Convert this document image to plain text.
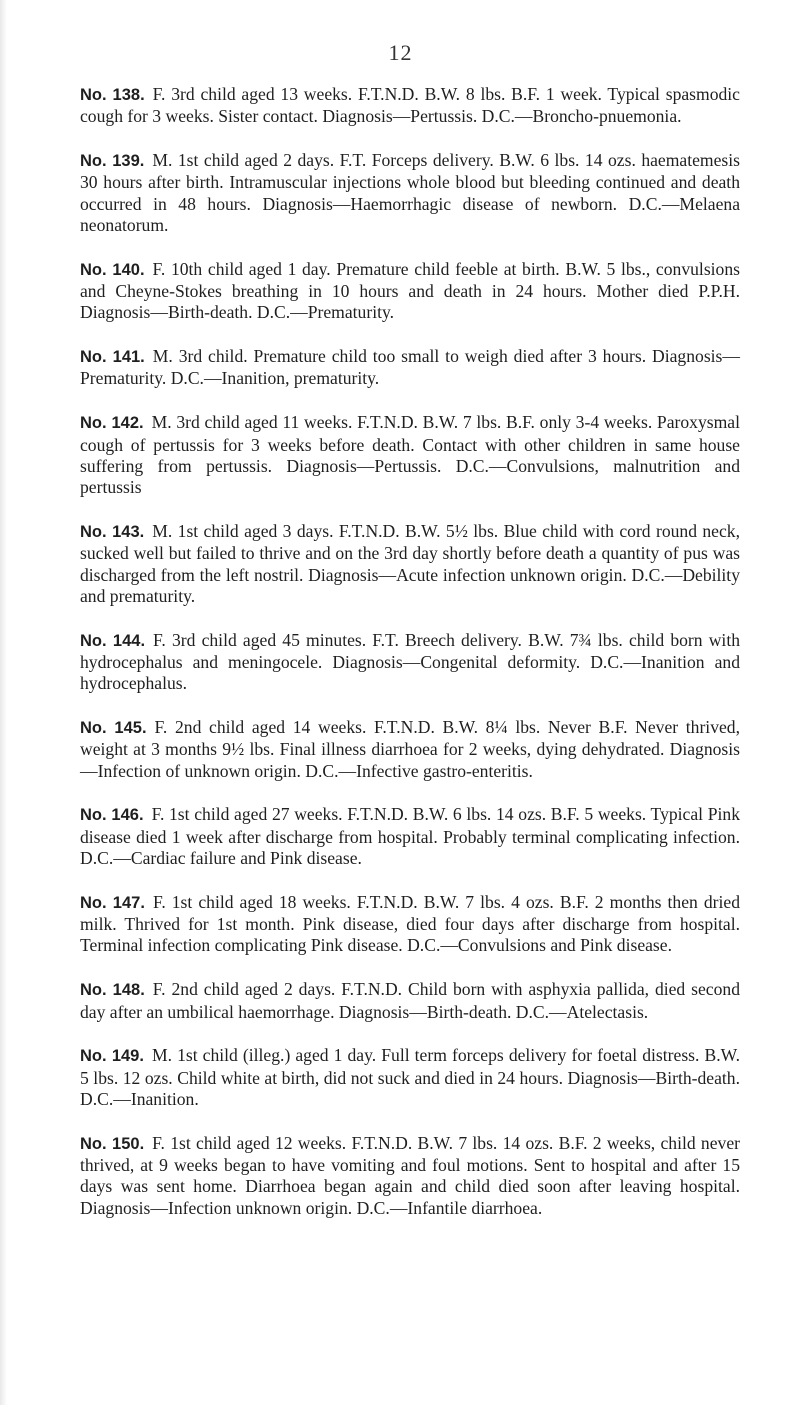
12

No. 138. F. 3rd child aged 13 weeks. F.T.N.D. B.W. 8 lbs. B.F. 1 week. Typical spasmodic cough for 3 weeks. Sister contact. Diagnosis—Pertussis. D.C.—Broncho-pnuemonia.

No. 139. M. 1st child aged 2 days. F.T. Forceps delivery. B.W. 6 lbs. 14 ozs. haematemesis 30 hours after birth. Intramuscular injections whole blood but bleeding continued and death occurred in 48 hours. Diagnosis—Haemorrhagic disease of newborn. D.C.—Melaena neonatorum.

No. 140. F. 10th child aged 1 day. Premature child feeble at birth. B.W. 5 lbs., convulsions and Cheyne-Stokes breathing in 10 hours and death in 24 hours. Mother died P.P.H. Diagnosis—Birth-death. D.C.—Prematurity.

No. 141. M. 3rd child. Premature child too small to weigh died after 3 hours. Diagnosis—Prematurity. D.C.—Inanition, prematurity.

No. 142. M. 3rd child aged 11 weeks. F.T.N.D. B.W. 7 lbs. B.F. only 3-4 weeks. Paroxysmal cough of pertussis for 3 weeks before death. Contact with other children in same house suffering from pertussis. Diagnosis—Pertussis. D.C.—Convulsions, malnutrition and pertussis

No. 143. M. 1st child aged 3 days. F.T.N.D. B.W. 5½ lbs. Blue child with cord round neck, sucked well but failed to thrive and on the 3rd day shortly before death a quantity of pus was discharged from the left nostril. Diagnosis—Acute infection unknown origin. D.C.—Debility and prematurity.

No. 144. F. 3rd child aged 45 minutes. F.T. Breech delivery. B.W. 7¾ lbs. child born with hydrocephalus and meningocele. Diagnosis—Congenital deformity. D.C.—Inanition and hydrocephalus.

No. 145. F. 2nd child aged 14 weeks. F.T.N.D. B.W. 8¼ lbs. Never B.F. Never thrived, weight at 3 months 9½ lbs. Final illness diarrhoea for 2 weeks, dying dehydrated. Diagnosis—Infection of unknown origin. D.C.—Infective gastro-enteritis.

No. 146. F. 1st child aged 27 weeks. F.T.N.D. B.W. 6 lbs. 14 ozs. B.F. 5 weeks. Typical Pink disease died 1 week after discharge from hospital. Probably terminal complicating infection. D.C.—Cardiac failure and Pink disease.

No. 147. F. 1st child aged 18 weeks. F.T.N.D. B.W. 7 lbs. 4 ozs. B.F. 2 months then dried milk. Thrived for 1st month. Pink disease, died four days after discharge from hospital. Terminal infection complicating Pink disease. D.C.—Convulsions and Pink disease.

No. 148. F. 2nd child aged 2 days. F.T.N.D. Child born with asphyxia pallida, died second day after an umbilical haemorrhage. Diagnosis—Birth-death. D.C.—Atelectasis.

No. 149. M. 1st child (illeg.) aged 1 day. Full term forceps delivery for foetal distress. B.W. 5 lbs. 12 ozs. Child white at birth, did not suck and died in 24 hours. Diagnosis—Birth-death. D.C.—Inanition.

No. 150. F. 1st child aged 12 weeks. F.T.N.D. B.W. 7 lbs. 14 ozs. B.F. 2 weeks, child never thrived, at 9 weeks began to have vomiting and foul motions. Sent to hospital and after 15 days was sent home. Diarrhoea began again and child died soon after leaving hospital. Diagnosis—Infection unknown origin. D.C.—Infantile diarrhoea.
